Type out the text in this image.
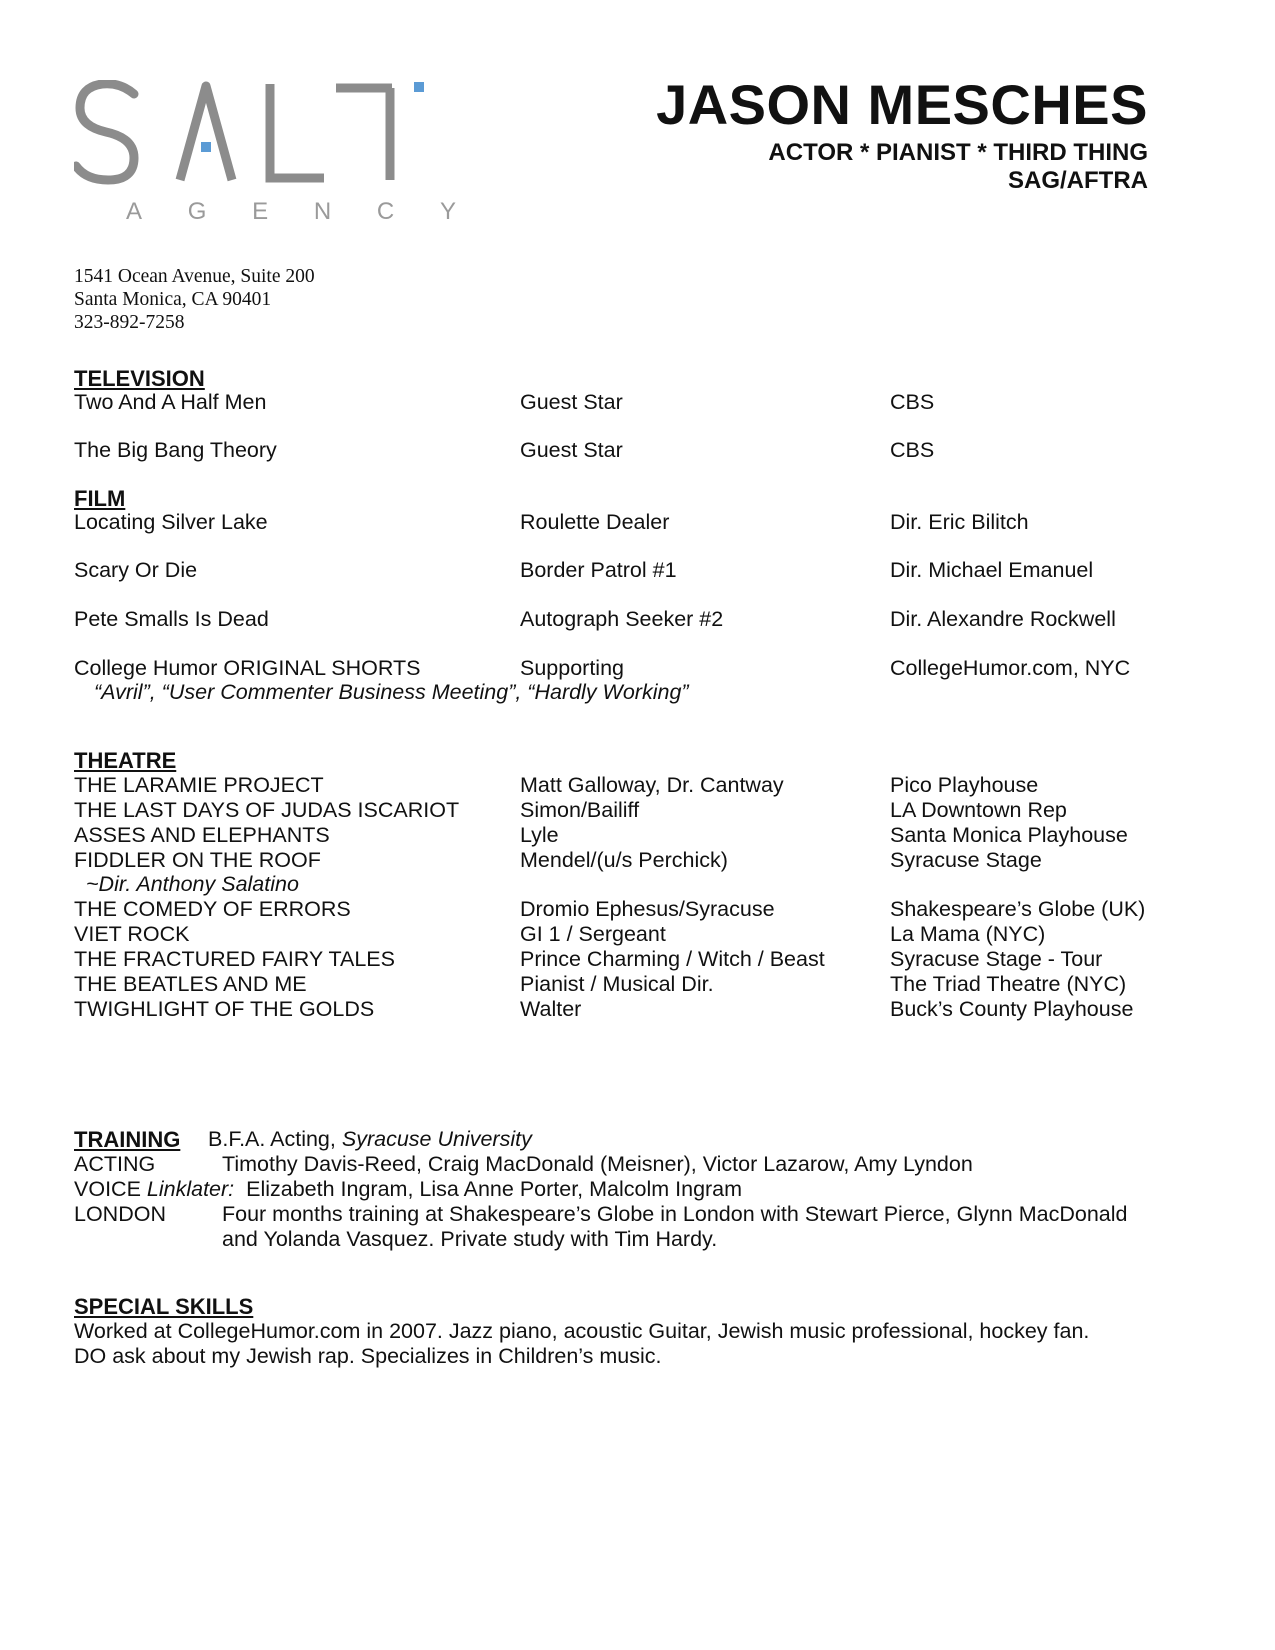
A G E N C Y
JASON MESCHES
ACTOR * PIANIST * THIRD THING
SAG/AFTRA
1541 Ocean Avenue, Suite 200
Santa Monica, CA 90401
323-892-7258
TELEVISION
Two And A Half Men	Guest Star	CBS
The Big Bang Theory	Guest Star	CBS
FILM
Locating Silver Lake	Roulette Dealer	Dir. Eric Bilitch
Scary Or Die	Border Patrol #1	Dir. Michael Emanuel
Pete Smalls Is Dead	Autograph Seeker #2	Dir. Alexandre Rockwell
College Humor ORIGINAL SHORTS	Supporting	CollegeHumor.com, NYC
“Avril”, “User Commenter Business Meeting”, “Hardly Working”
THEATRE
THE LARAMIE PROJECT	Matt Galloway, Dr. Cantway	Pico Playhouse
THE LAST DAYS OF JUDAS ISCARIOT	Simon/Bailiff	LA Downtown Rep
ASSES AND ELEPHANTS	Lyle	Santa Monica Playhouse
FIDDLER ON THE ROOF	Mendel/(u/s Perchick)	Syracuse Stage
~Dir. Anthony Salatino
THE COMEDY OF ERRORS	Dromio Ephesus/Syracuse	Shakespeare’s Globe (UK)
VIET ROCK	GI 1 / Sergeant	La Mama (NYC)
THE FRACTURED FAIRY TALES	Prince Charming / Witch / Beast	Syracuse Stage - Tour
THE BEATLES AND ME	Pianist / Musical Dir.	The Triad Theatre (NYC)
TWIGHLIGHT OF THE GOLDS	Walter	Buck’s County Playhouse
TRAINING B.F.A. Acting, Syracuse University
ACTING	Timothy Davis-Reed, Craig MacDonald (Meisner), Victor Lazarow, Amy Lyndon
VOICE Linklater: Elizabeth Ingram, Lisa Anne Porter, Malcolm Ingram
LONDON	Four months training at Shakespeare’s Globe in London with Stewart Pierce, Glynn MacDonald
and Yolanda Vasquez. Private study with Tim Hardy.
SPECIAL SKILLS
Worked at CollegeHumor.com in 2007. Jazz piano, acoustic Guitar, Jewish music professional, hockey fan.
DO ask about my Jewish rap. Specializes in Children’s music.
